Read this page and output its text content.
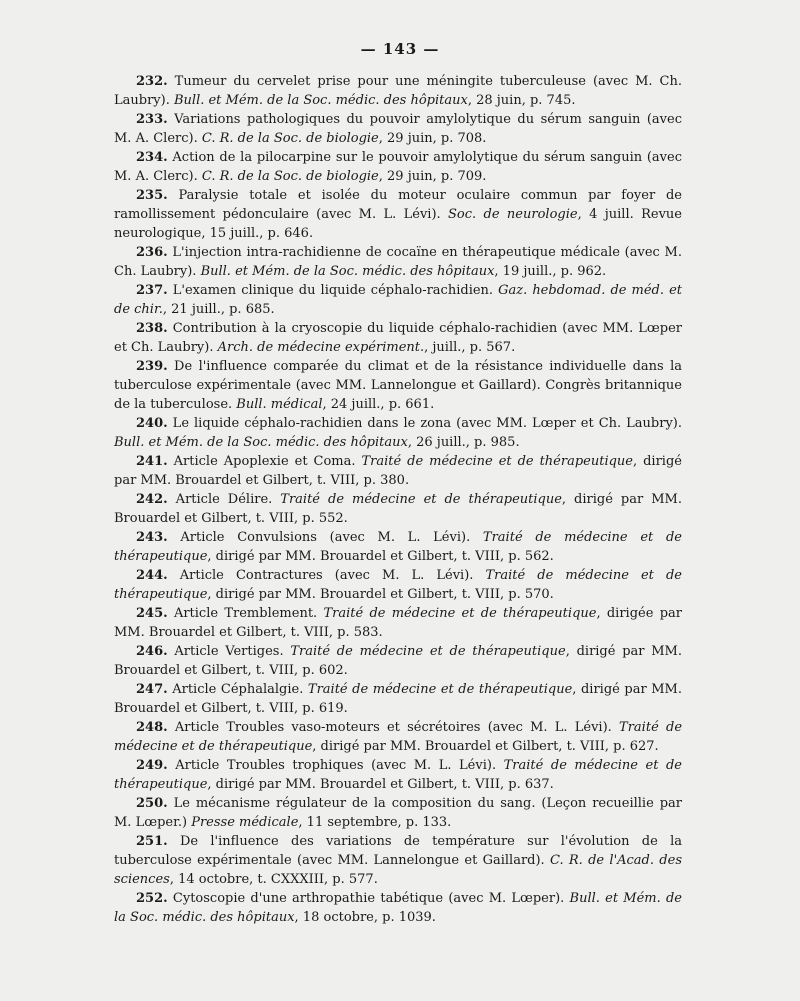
— 143 —

232. Tumeur du cervelet prise pour une méningite tuberculeuse (avec M. Ch. Laubry). Bull. et Mém. de la Soc. médic. des hôpitaux, 28 juin, p. 745.

233. Variations pathologiques du pouvoir amylolytique du sérum sanguin (avec M. A. Clerc). C. R. de la Soc. de biologie, 29 juin, p. 708.

234. Action de la pilocarpine sur le pouvoir amylolytique du sérum sanguin (avec M. A. Clerc). C. R. de la Soc. de biologie, 29 juin, p. 709.

235. Paralysie totale et isolée du moteur oculaire commun par foyer de ramollissement pédonculaire (avec M. L. Lévi). Soc. de neurologie, 4 juill. Revue neurologique, 15 juill., p. 646.

236. L'injection intra-rachidienne de cocaïne en thérapeutique médicale (avec M. Ch. Laubry). Bull. et Mém. de la Soc. médic. des hôpitaux, 19 juill., p. 962.

237. L'examen clinique du liquide céphalo-rachidien. Gaz. hebdomad. de méd. et de chir., 21 juill., p. 685.

238. Contribution à la cryoscopie du liquide céphalo-rachidien (avec MM. Lœper et Ch. Laubry). Arch. de médecine expériment., juill., p. 567.

239. De l'influence comparée du climat et de la résistance individuelle dans la tuberculose expérimentale (avec MM. Lannelongue et Gaillard). Congrès britannique de la tuberculose. Bull. médical, 24 juill., p. 661.

240. Le liquide céphalo-rachidien dans le zona (avec MM. Lœper et Ch. Laubry). Bull. et Mém. de la Soc. médic. des hôpitaux, 26 juill., p. 985.

241. Article Apoplexie et Coma. Traité de médecine et de thérapeutique, dirigé par MM. Brouardel et Gilbert, t. VIII, p. 380.

242. Article Délire. Traité de médecine et de thérapeutique, dirigé par MM. Brouardel et Gilbert, t. VIII, p. 552.

243. Article Convulsions (avec M. L. Lévi). Traité de médecine et de thérapeutique, dirigé par MM. Brouardel et Gilbert, t. VIII, p. 562.

244. Article Contractures (avec M. L. Lévi). Traité de médecine et de thérapeutique, dirigé par MM. Brouardel et Gilbert, t. VIII, p. 570.

245. Article Tremblement. Traité de médecine et de thérapeutique, dirigée par MM. Brouardel et Gilbert, t. VIII, p. 583.

246. Article Vertiges. Traité de médecine et de thérapeutique, dirigé par MM. Brouardel et Gilbert, t. VIII, p. 602.

247. Article Céphalalgie. Traité de médecine et de thérapeutique, dirigé par MM. Brouardel et Gilbert, t. VIII, p. 619.

248. Article Troubles vaso-moteurs et sécrétoires (avec M. L. Lévi). Traité de médecine et de thérapeutique, dirigé par MM. Brouardel et Gilbert, t. VIII, p. 627.

249. Article Troubles trophiques (avec M. L. Lévi). Traité de médecine et de thérapeutique, dirigé par MM. Brouardel et Gilbert, t. VIII, p. 637.

250. Le mécanisme régulateur de la composition du sang. (Leçon recueillie par M. Lœper.) Presse médicale, 11 septembre, p. 133.

251. De l'influence des variations de température sur l'évolution de la tuberculose expérimentale (avec MM. Lannelongue et Gaillard). C. R. de l'Acad. des sciences, 14 octobre, t. CXXXIII, p. 577.

252. Cytoscopie d'une arthropathie tabétique (avec M. Lœper). Bull. et Mém. de la Soc. médic. des hôpitaux, 18 octobre, p. 1039.
